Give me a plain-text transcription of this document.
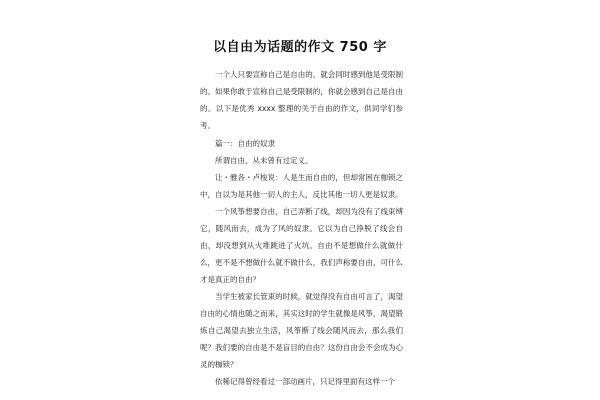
以自由为话题的作文 750 字

一个人只要宣称自己是自由的，就会同时感到他是受限制的。如果你敢于宣称自己是受限制的，你就会感到自己是自由的。以下是优秀 xxxx 整理的关于自由的作文，供同学们参考。

篇一：自由的奴隶

所谓自由，从未曾有过定义。

让・雅各・卢梭说：人是生而自由的，但却常困在枷锁之中，自以为是其他一切人的主人，反比其他一切人更是奴隶。

一个风筝想要自由，自己弄断了线，却因为没有了线束缚它，随风而去，成为了风的奴隶。它以为自己挣脱了线会自由，却没想到从火堆跳进了火坑。自由不是想做什么就做什么，更不是不想做什么就不做什么，我们声称要自由，可什么才是真正的自由？

当学生被家长管束的时候，就觉得没有自由可言了，渴望自由的心情也随之而来，其实这时的学生就像是风筝，渴望锻炼自己渴望去独立生活，风筝断了线会随风而去，那么我们呢？我们要的自由是不是盲目的自由？这份自由会不会成为心灵的枷锁？

依稀记得曾经看过一部动画片，只记得里面有这样一个
